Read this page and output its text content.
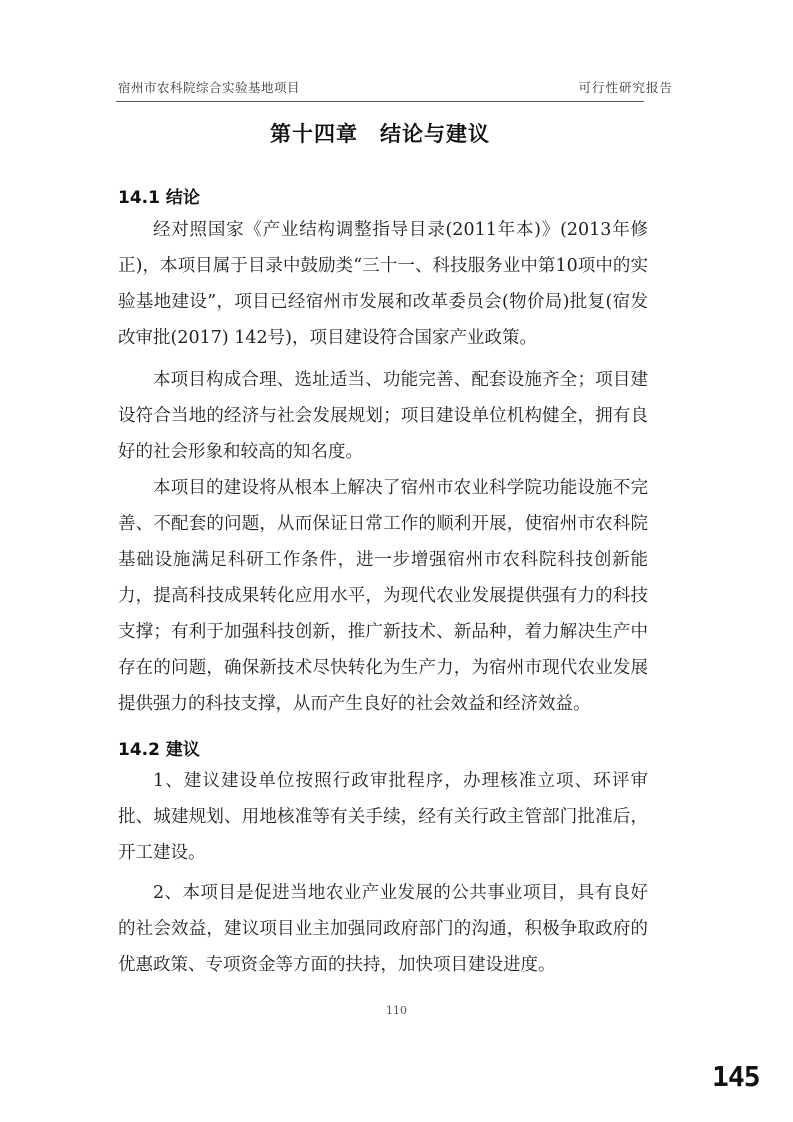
宿州市农科院综合实验基地项目	可行性研究报告
第十四章　结论与建议
14.1 结论

经对照国家《产业结构调整指导目录(2011年本)》(2013年修正)，本项目属于目录中鼓励类“三十一、科技服务业中第10项中的实验基地建设”，项目已经宿州市发展和改革委员会(物价局)批复(宿发改审批(2017) 142号)，项目建设符合国家产业政策。

本项目构成合理、选址适当、功能完善、配套设施齐全；项目建设符合当地的经济与社会发展规划；项目建设单位机构健全，拥有良好的社会形象和较高的知名度。

本项目的建设将从根本上解决了宿州市农业科学院功能设施不完善、不配套的问题，从而保证日常工作的顺利开展，使宿州市农科院基础设施满足科研工作条件，进一步增强宿州市农科院科技创新能力，提高科技成果转化应用水平，为现代农业发展提供强有力的科技支撑；有利于加强科技创新，推广新技术、新品种，着力解决生产中存在的问题，确保新技术尽快转化为生产力，为宿州市现代农业发展提供强力的科技支撑，从而产生良好的社会效益和经济效益。

14.2 建议

1、建议建设单位按照行政审批程序，办理核准立项、环评审批、城建规划、用地核准等有关手续，经有关行政主管部门批准后，开工建设。

2、本项目是促进当地农业产业发展的公共事业项目，具有良好的社会效益，建议项目业主加强同政府部门的沟通，积极争取政府的优惠政策、专项资金等方面的扶持，加快项目建设进度。

110
145
